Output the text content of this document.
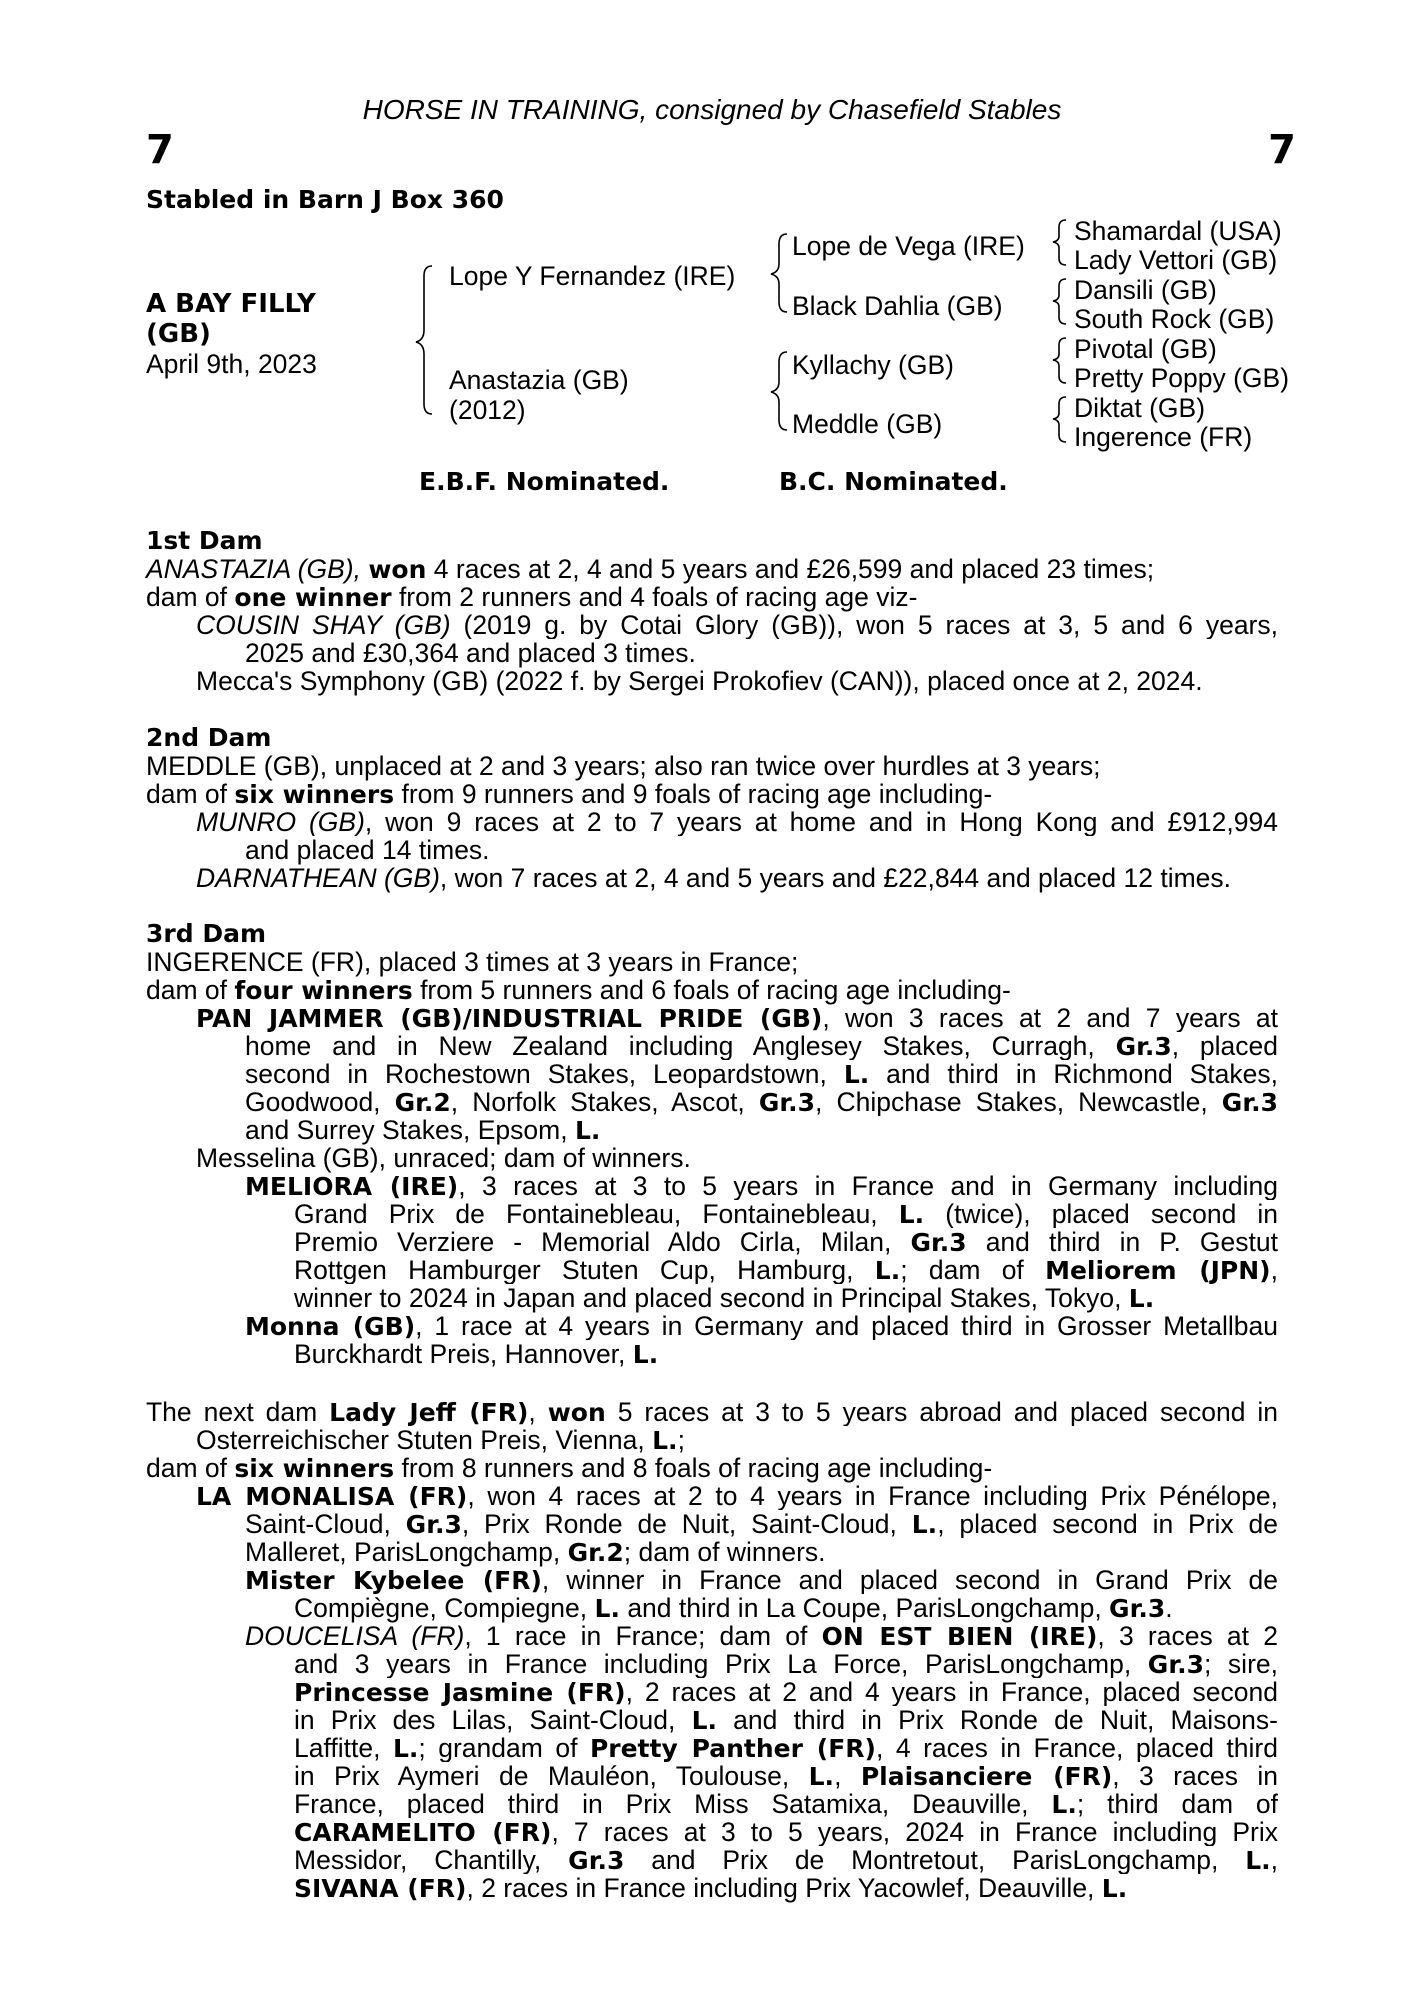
HORSE IN TRAINING, consigned by Chasefield Stables
7	7
Stabled in Barn J Box 360
A BAY FILLY
(GB)
April 9th, 2023
Lope Y Fernandez (IRE)
Anastazia (GB)
(2012)
Lope de Vega (IRE)
Black Dahlia (GB)
Kyllachy (GB)
Meddle (GB)
Shamardal (USA)
Lady Vettori (GB)
Dansili (GB)
South Rock (GB)
Pivotal (GB)
Pretty Poppy (GB)
Diktat (GB)
Ingerence (FR)
E.B.F. Nominated.	B.C. Nominated.
1st Dam
ANASTAZIA (GB), won 4 races at 2, 4 and 5 years and £26,599 and placed 23 times;
dam of one winner from 2 runners and 4 foals of racing age viz-
COUSIN SHAY (GB) (2019 g. by Cotai Glory (GB)), won 5 races at 3, 5 and 6 years,
2025 and £30,364 and placed 3 times.
Mecca's Symphony (GB) (2022 f. by Sergei Prokofiev (CAN)), placed once at 2, 2024.
2nd Dam
MEDDLE (GB), unplaced at 2 and 3 years; also ran twice over hurdles at 3 years;
dam of six winners from 9 runners and 9 foals of racing age including-
MUNRO (GB), won 9 races at 2 to 7 years at home and in Hong Kong and £912,994
and placed 14 times.
DARNATHEAN (GB), won 7 races at 2, 4 and 5 years and £22,844 and placed 12 times.
3rd Dam
INGERENCE (FR), placed 3 times at 3 years in France;
dam of four winners from 5 runners and 6 foals of racing age including-
PAN JAMMER (GB)/INDUSTRIAL PRIDE (GB), won 3 races at 2 and 7 years at
home and in New Zealand including Anglesey Stakes, Curragh, Gr.3, placed
second in Rochestown Stakes, Leopardstown, L. and third in Richmond Stakes,
Goodwood, Gr.2, Norfolk Stakes, Ascot, Gr.3, Chipchase Stakes, Newcastle, Gr.3
and Surrey Stakes, Epsom, L.
Messelina (GB), unraced; dam of winners.
MELIORA (IRE), 3 races at 3 to 5 years in France and in Germany including
Grand Prix de Fontainebleau, Fontainebleau, L. (twice), placed second in
Premio Verziere - Memorial Aldo Cirla, Milan, Gr.3 and third in P. Gestut
Rottgen Hamburger Stuten Cup, Hamburg, L.; dam of Meliorem (JPN),
winner to 2024 in Japan and placed second in Principal Stakes, Tokyo, L.
Monna (GB), 1 race at 4 years in Germany and placed third in Grosser Metallbau
Burckhardt Preis, Hannover, L.
The next dam Lady Jeff (FR), won 5 races at 3 to 5 years abroad and placed second in
Osterreichischer Stuten Preis, Vienna, L.;
dam of six winners from 8 runners and 8 foals of racing age including-
LA MONALISA (FR), won 4 races at 2 to 4 years in France including Prix Pénélope,
Saint-Cloud, Gr.3, Prix Ronde de Nuit, Saint-Cloud, L., placed second in Prix de
Malleret, ParisLongchamp, Gr.2; dam of winners.
Mister Kybelee (FR), winner in France and placed second in Grand Prix de
Compiègne, Compiegne, L. and third in La Coupe, ParisLongchamp, Gr.3.
DOUCELISA (FR), 1 race in France; dam of ON EST BIEN (IRE), 3 races at 2
and 3 years in France including Prix La Force, ParisLongchamp, Gr.3; sire,
Princesse Jasmine (FR), 2 races at 2 and 4 years in France, placed second
in Prix des Lilas, Saint-Cloud, L. and third in Prix Ronde de Nuit, Maisons-
Laffitte, L.; grandam of Pretty Panther (FR), 4 races in France, placed third
in Prix Aymeri de Mauléon, Toulouse, L., Plaisanciere (FR), 3 races in
France, placed third in Prix Miss Satamixa, Deauville, L.; third dam of
CARAMELITO (FR), 7 races at 3 to 5 years, 2024 in France including Prix
Messidor, Chantilly, Gr.3 and Prix de Montretout, ParisLongchamp, L.,
SIVANA (FR), 2 races in France including Prix Yacowlef, Deauville, L.
